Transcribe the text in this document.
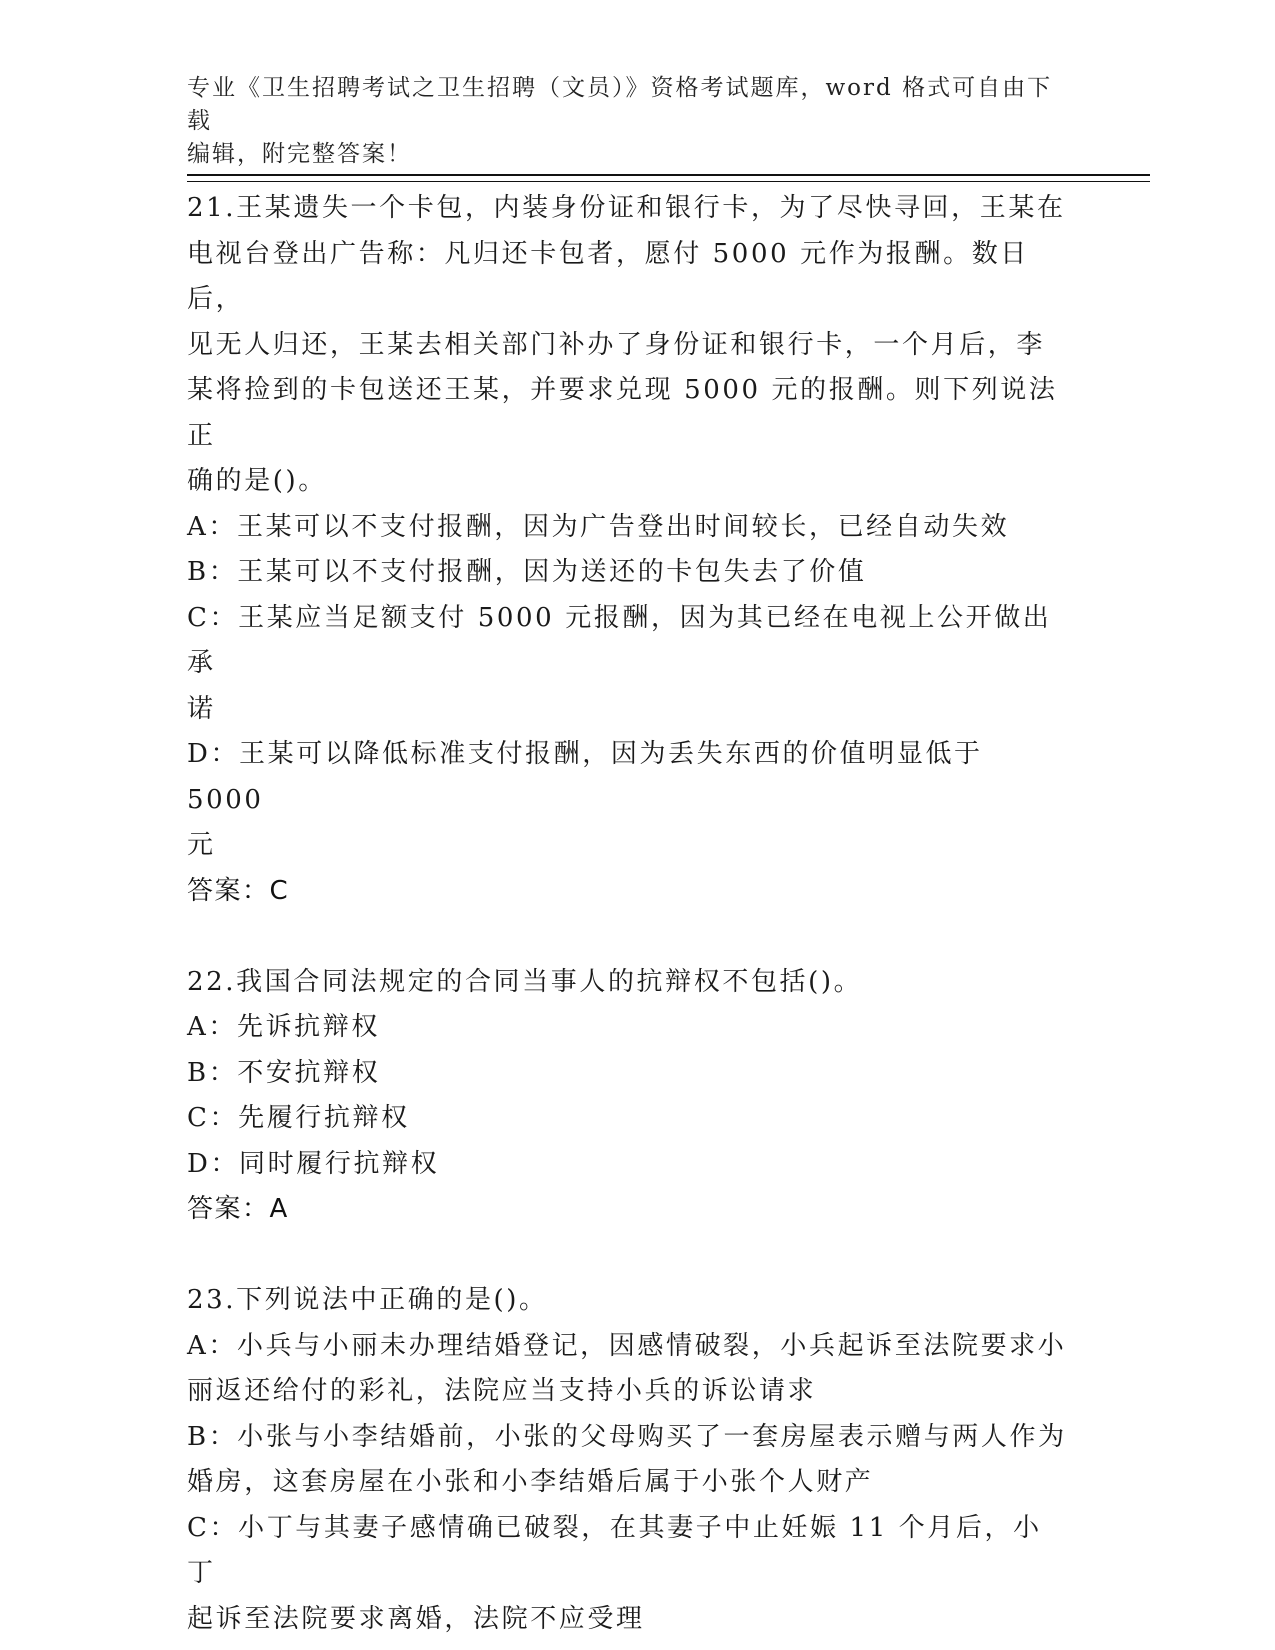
专业《卫生招聘考试之卫生招聘（文员）》资格考试题库，word 格式可自由下载
编辑，附完整答案！
21.王某遗失一个卡包，内装身份证和银行卡，为了尽快寻回，王某在
电视台登出广告称：凡归还卡包者，愿付 5000 元作为报酬。数日后，
见无人归还，王某去相关部门补办了身份证和银行卡，一个月后，李
某将捡到的卡包送还王某，并要求兑现 5000 元的报酬。则下列说法正
确的是()。
A：王某可以不支付报酬，因为广告登出时间较长，已经自动失效
B：王某可以不支付报酬，因为送还的卡包失去了价值
C：王某应当足额支付 5000 元报酬，因为其已经在电视上公开做出承
诺
D：王某可以降低标准支付报酬，因为丢失东西的价值明显低于 5000
元
答案：C
22.我国合同法规定的合同当事人的抗辩权不包括()。
A：先诉抗辩权
B：不安抗辩权
C：先履行抗辩权
D：同时履行抗辩权
答案：A
23.下列说法中正确的是()。
A：小兵与小丽未办理结婚登记，因感情破裂，小兵起诉至法院要求小
丽返还给付的彩礼，法院应当支持小兵的诉讼请求
B：小张与小李结婚前，小张的父母购买了一套房屋表示赠与两人作为
婚房，这套房屋在小张和小李结婚后属于小张个人财产
C：小丁与其妻子感情确已破裂，在其妻子中止妊娠 11 个月后，小丁
起诉至法院要求离婚，法院不应受理
